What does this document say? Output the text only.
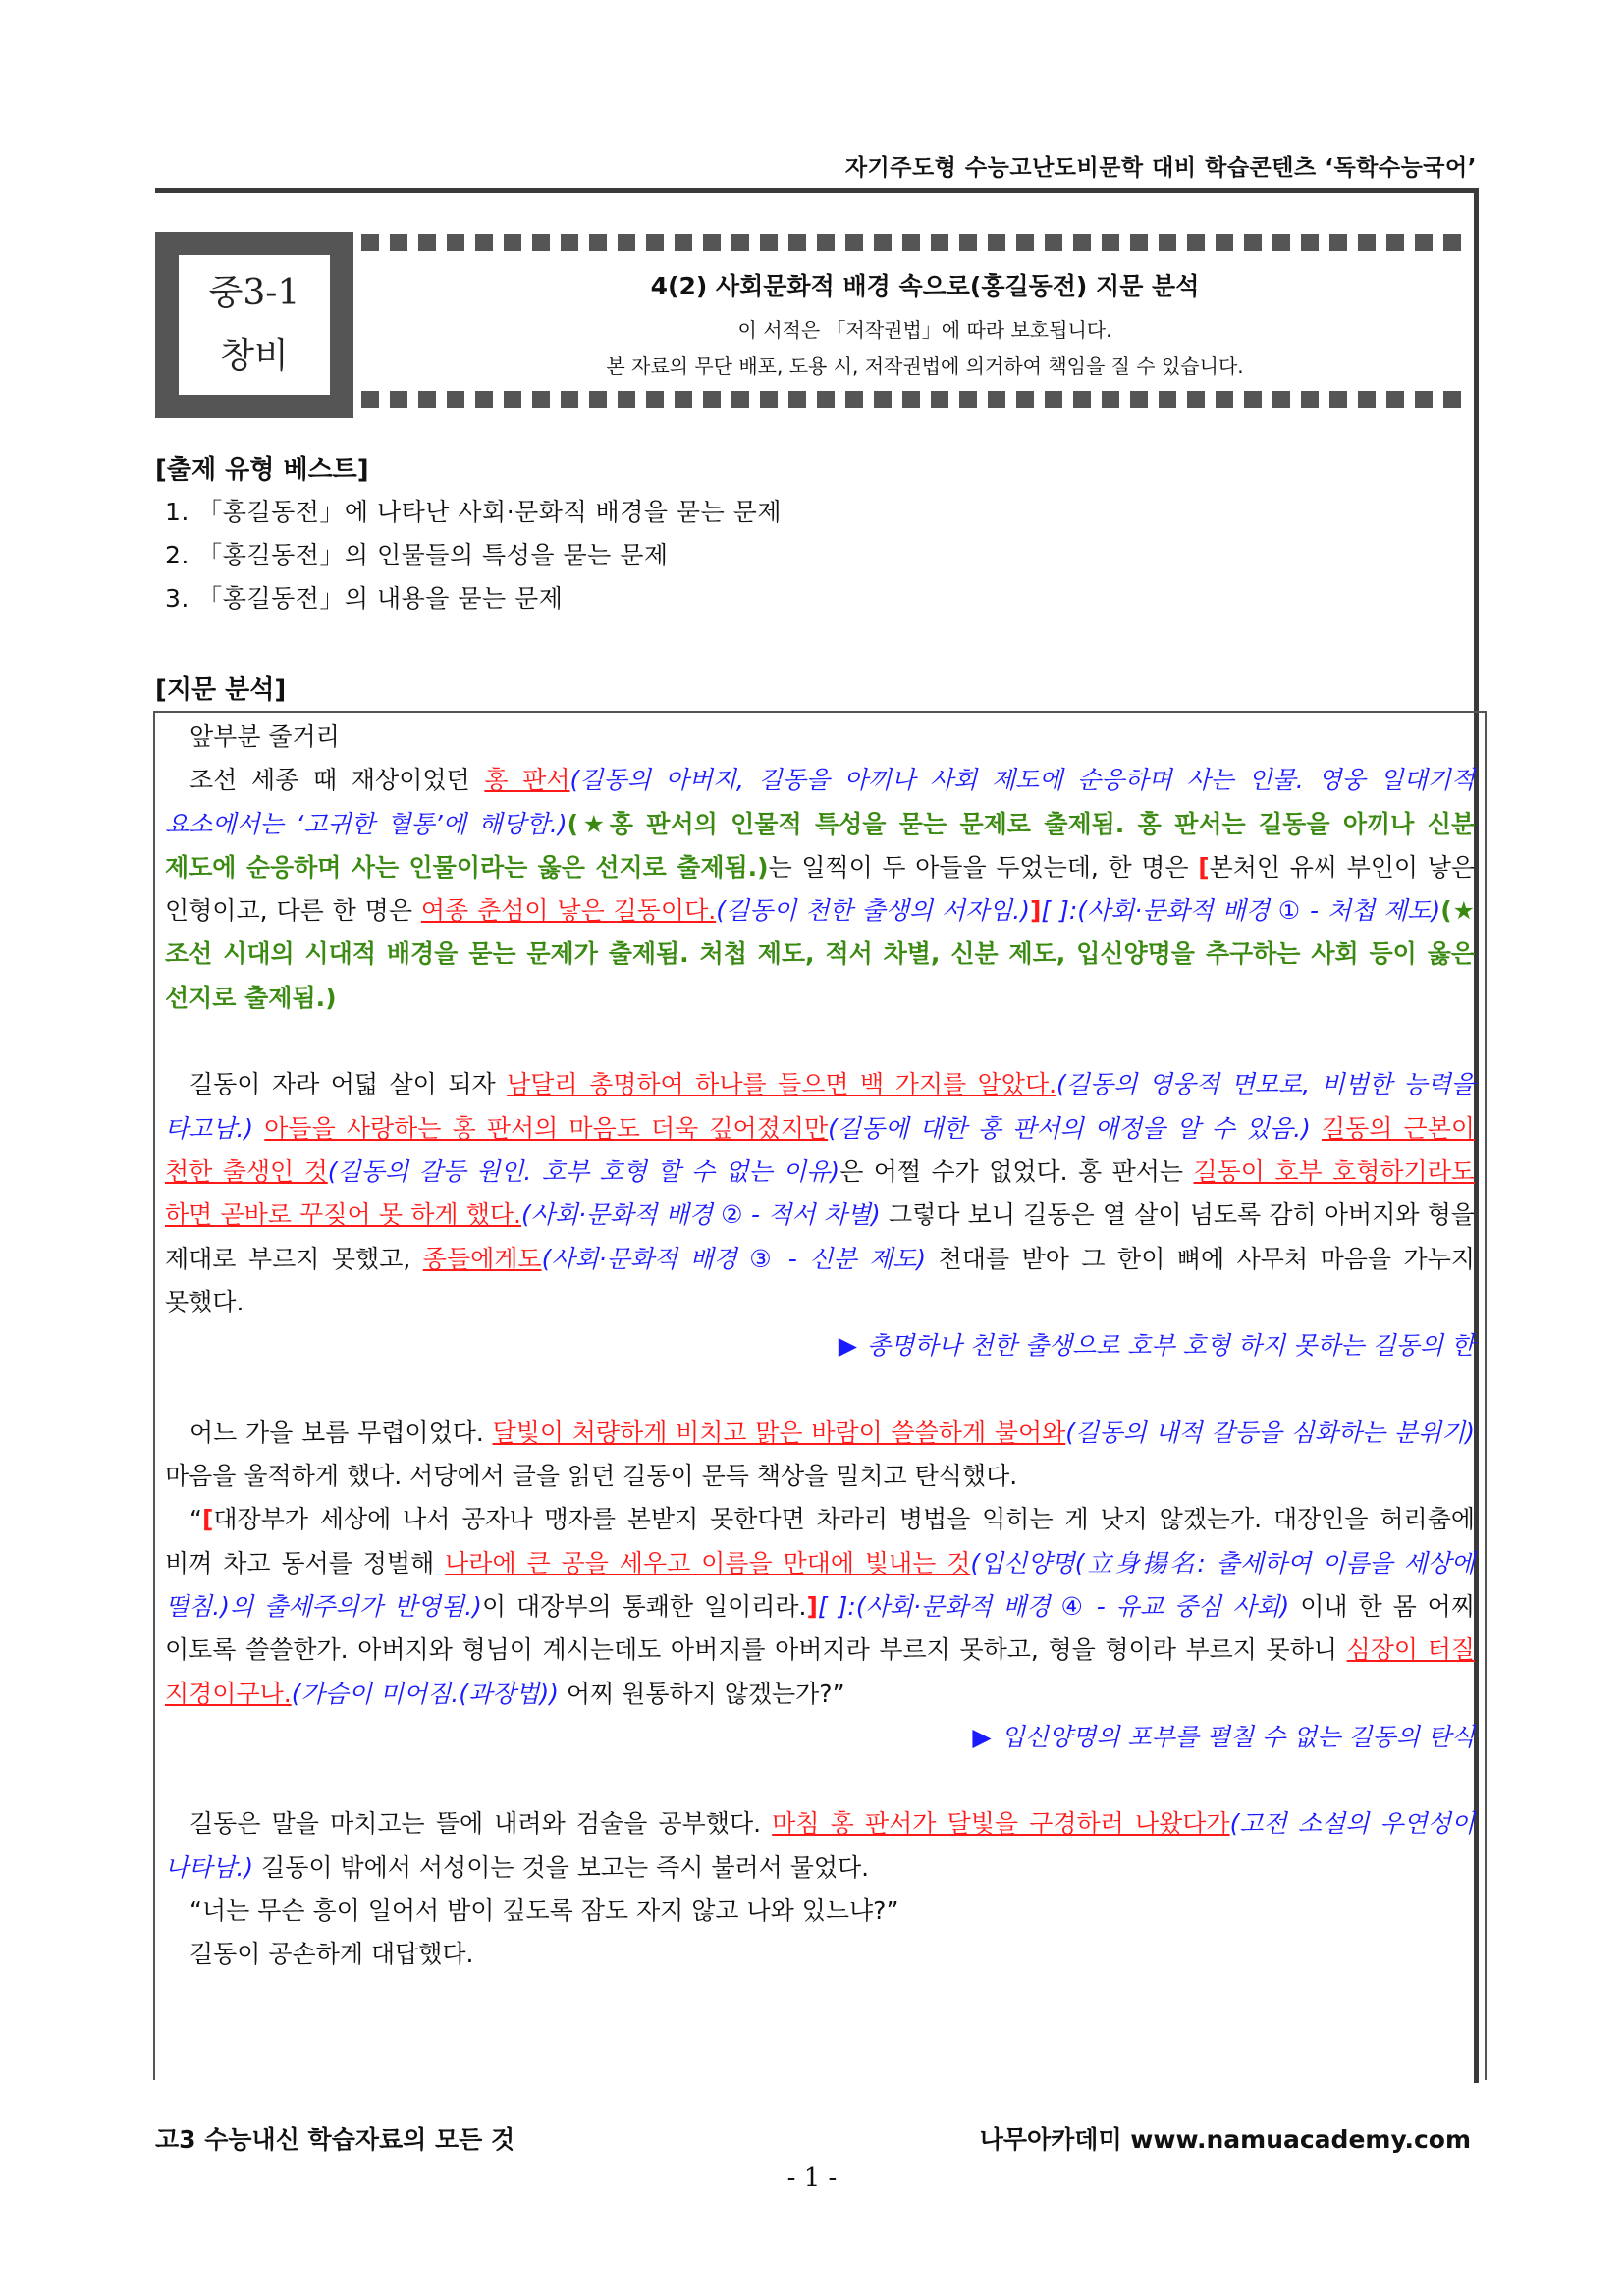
자기주도형 수능고난도비문학 대비 학습콘텐츠 ‘독학수능국어’
중3-1
창비

4(2) 사회문화적 배경 속으로(홍길동전) 지문 분석

이 서적은 「저작권법」에 따라 보호됩니다.
본 자료의 무단 배포, 도용 시, 저작권법에 의거하여 책임을 질 수 있습니다.
[출제 유형 베스트]
1. 「홍길동전」에 나타난 사회·문화적 배경을 묻는 문제
2. 「홍길동전」의 인물들의 특성을 묻는 문제
3. 「홍길동전」의 내용을 묻는 문제
[지문 분석]

앞부분 줄거리

조선 세종 때 재상이었던 홍 판서(길동의 아버지, 길동을 아끼나 사회 제도에 순응하며 사는 인물. 영웅 일대기적 요소에서는 ‘고귀한 혈통’에 해당함.)(★홍 판서의 인물적 특성을 묻는 문제로 출제됨. 홍 판서는 길동을 아끼나 신분 제도에 순응하며 사는 인물이라는 옳은 선지로 출제됨.)는 일찍이 두 아들을 두었는데, 한 명은 [본처인 유씨 부인이 낳은 인형이고, 다른 한 명은 여종 춘섬이 낳은 길동이다.(길동이 천한 출생의 서자임.)][ ]:(사회·문화적 배경 ① - 처첩 제도)(★조선 시대의 시대적 배경을 묻는 문제가 출제됨. 처첩 제도, 적서 차별, 신분 제도, 입신양명을 추구하는 사회 등이 옳은 선지로 출제됨.)

길동이 자라 어덟 살이 되자 남달리 총명하여 하나를 들으면 백 가지를 알았다.(길동의 영웅적 면모로, 비범한 능력을 타고남.) 아들을 사랑하는 홍 판서의 마음도 더욱 깊어졌지만(길동에 대한 홍 판서의 애정을 알 수 있음.) 길동의 근본이 천한 출생인 것(길동의 갈등 원인. 호부 호형 할 수 없는 이유)은 어쩔 수가 없었다. 홍 판서는 길동이 호부 호형하기라도 하면 곧바로 꾸짖어 못 하게 했다.(사회·문화적 배경 ② - 적서 차별) 그렇다 보니 길동은 열 살이 넘도록 감히 아버지와 형을 제대로 부르지 못했고, 종들에게도(사회·문화적 배경 ③ - 신분 제도) 천대를 받아 그 한이 뼈에 사무쳐 마음을 가누지 못했다.

▶ 총명하나 천한 출생으로 호부 호형 하지 못하는 길동의 한

어느 가을 보름 무렵이었다. 달빛이 처량하게 비치고 맑은 바람이 쓸쓸하게 불어와(길동의 내적 갈등을 심화하는 분위기) 마음을 울적하게 했다. 서당에서 글을 읽던 길동이 문득 책상을 밀치고 탄식했다.

“[대장부가 세상에 나서 공자나 맹자를 본받지 못한다면 차라리 병법을 익히는 게 낫지 않겠는가. 대장인을 허리춤에 비껴 차고 동서를 정벌해 나라에 큰 공을 세우고 이름을 만대에 빛내는 것(입신양명(立身揚名: 출세하여 이름을 세상에 떨침.)의 출세주의가 반영됨.)이 대장부의 통쾌한 일이리라.][ ]:(사회·문화적 배경 ④ - 유교 중심 사회) 이내 한 몸 어찌 이토록 쓸쓸한가. 아버지와 형님이 계시는데도 아버지를 아버지라 부르지 못하고, 형을 형이라 부르지 못하니 심장이 터질 지경이구나.(가슴이 미어짐.(과장법)) 어찌 원통하지 않겠는가?”

▶ 입신양명의 포부를 펼칠 수 없는 길동의 탄식

길동은 말을 마치고는 뜰에 내려와 검술을 공부했다. 마침 홍 판서가 달빛을 구경하러 나왔다가(고전 소설의 우연성이 나타남.) 길동이 밖에서 서성이는 것을 보고는 즉시 불러서 물었다.

“너는 무슨 흥이 일어서 밤이 깊도록 잠도 자지 않고 나와 있느냐?”

길동이 공손하게 대답했다.

고3 수능내신 학습자료의 모든 것	나무아카데미 www.namuacademy.com
- 1 -
